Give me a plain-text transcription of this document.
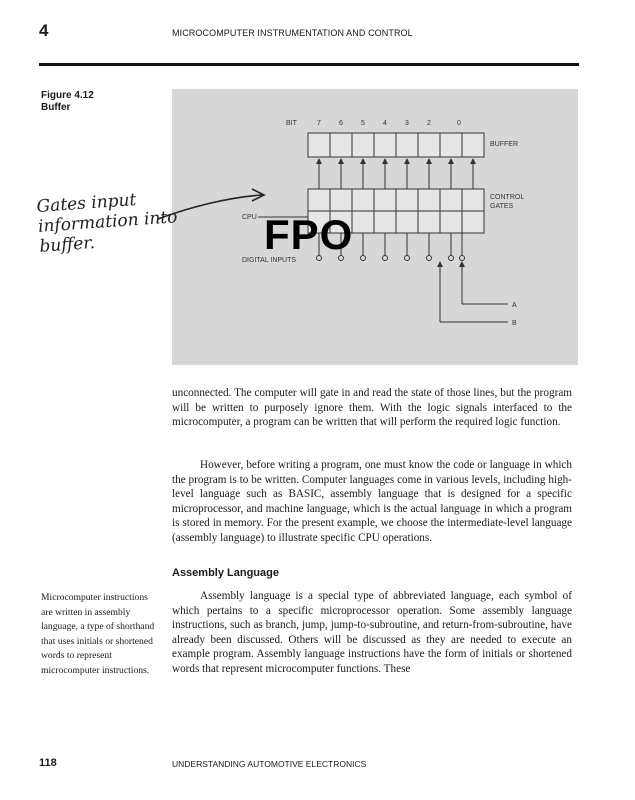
4	MICROCOMPUTER INSTRUMENTATION AND CONTROL
Figure 4.12
Buffer
BIT	7	6	5	4	3	2	0
BUFFER
CONTROL
GATES
CPU
DIGITAL INPUTS
A
B
FPO
Gates input information into buffer.
unconnected. The computer will gate in and read the state of those lines, but the program will be written to purposely ignore them. With the logic signals interfaced to the microcomputer, a program can be written that will perform the required logic function.
However, before writing a program, one must know the code or language in which the program is to be written. Computer languages come in various levels, including high-level language such as BASIC, assembly language that is designed for a specific microprocessor, and machine language, which is the actual language in which a program is stored in memory. For the present example, we choose the intermediate-level language (assembly language) to illustrate specific CPU operations.
Assembly Language
Assembly language is a special type of abbreviated language, each symbol of which pertains to a specific microprocessor operation. Some assembly language instructions, such as branch, jump, jump-to-subroutine, and return-from-subroutine, have already been discussed. Others will be discussed as they are needed to execute an example program. Assembly language instructions have the form of initials or shortened words that represent microcomputer functions. These
Microcomputer instructions are written in assembly language, a type of shorthand that uses initials or shortened words to represent microcomputer instructions.
118	UNDERSTANDING AUTOMOTIVE ELECTRONICS
